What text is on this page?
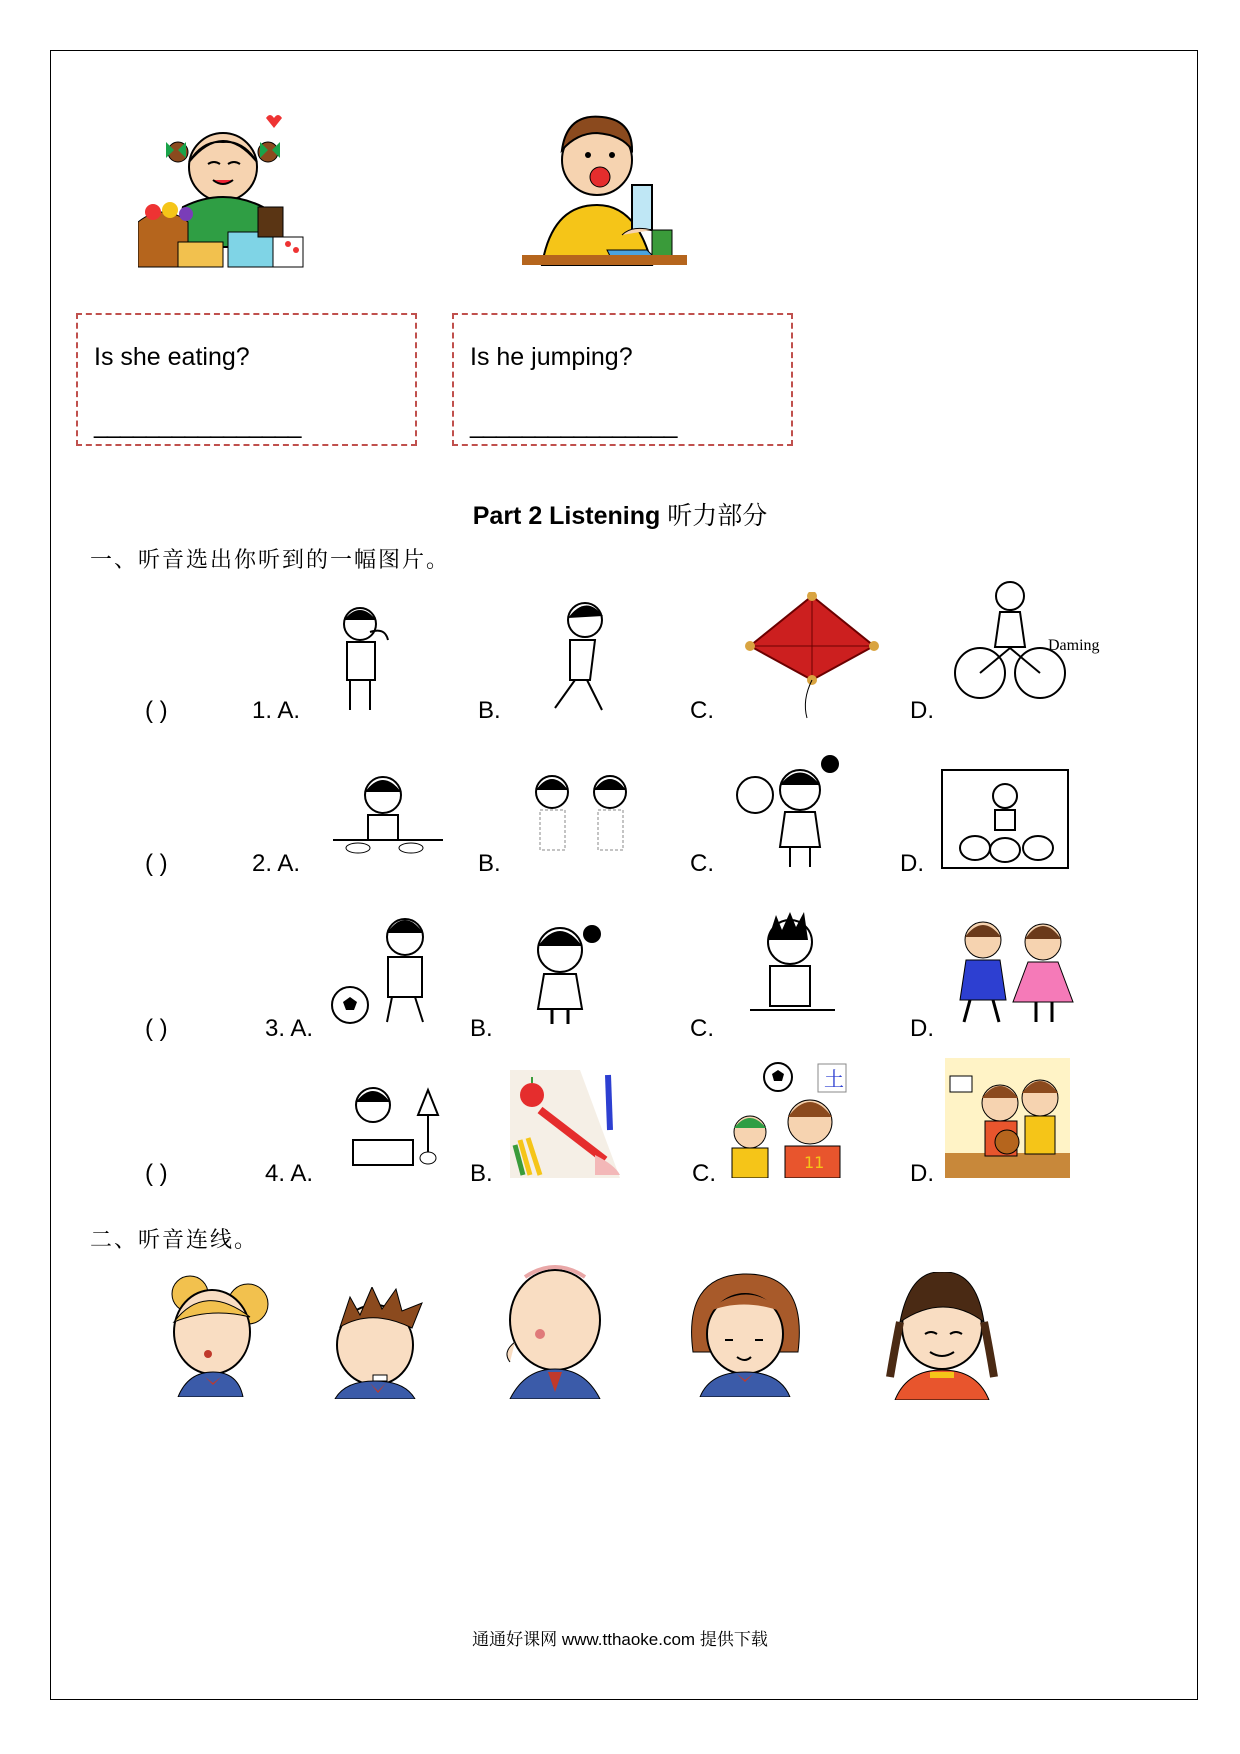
Is she eating?
________________
Is he jumping?
________________
Part 2 Listening 听力部分
一、听音选出你听到的一幅图片。
( )	1. A.	B.	C.	D.
Daming
( )	2. A.	B.	C.	D.
( )	3. A.	B.	C.	D.
( )	4. A.	B.	C.	D.
土
11
二、听音连线。
通通好课网 www.tthaoke.com 提供下载
